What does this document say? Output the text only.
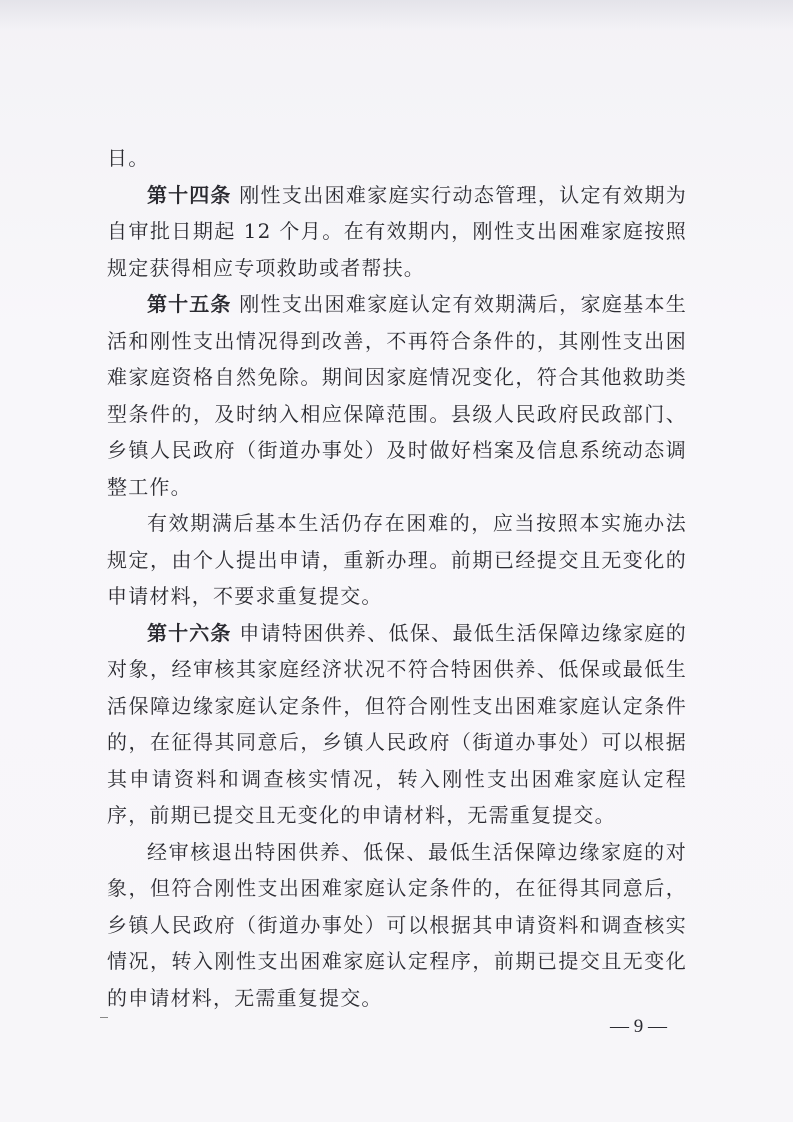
日。

第十四条 刚性支出困难家庭实行动态管理，认定有效期为自审批日期起 12 个月。在有效期内，刚性支出困难家庭按照规定获得相应专项救助或者帮扶。

第十五条 刚性支出困难家庭认定有效期满后，家庭基本生活和刚性支出情况得到改善，不再符合条件的，其刚性支出困难家庭资格自然免除。期间因家庭情况变化，符合其他救助类型条件的，及时纳入相应保障范围。县级人民政府民政部门、乡镇人民政府（街道办事处）及时做好档案及信息系统动态调整工作。

有效期满后基本生活仍存在困难的，应当按照本实施办法规定，由个人提出申请，重新办理。前期已经提交且无变化的申请材料，不要求重复提交。

第十六条 申请特困供养、低保、最低生活保障边缘家庭的对象，经审核其家庭经济状况不符合特困供养、低保或最低生活保障边缘家庭认定条件，但符合刚性支出困难家庭认定条件的，在征得其同意后，乡镇人民政府（街道办事处）可以根据其申请资料和调查核实情况，转入刚性支出困难家庭认定程序，前期已提交且无变化的申请材料，无需重复提交。

经审核退出特困供养、低保、最低生活保障边缘家庭的对象，但符合刚性支出困难家庭认定条件的，在征得其同意后，乡镇人民政府（街道办事处）可以根据其申请资料和调查核实情况，转入刚性支出困难家庭认定程序，前期已提交且无变化的申请材料，无需重复提交。

— 9 —
